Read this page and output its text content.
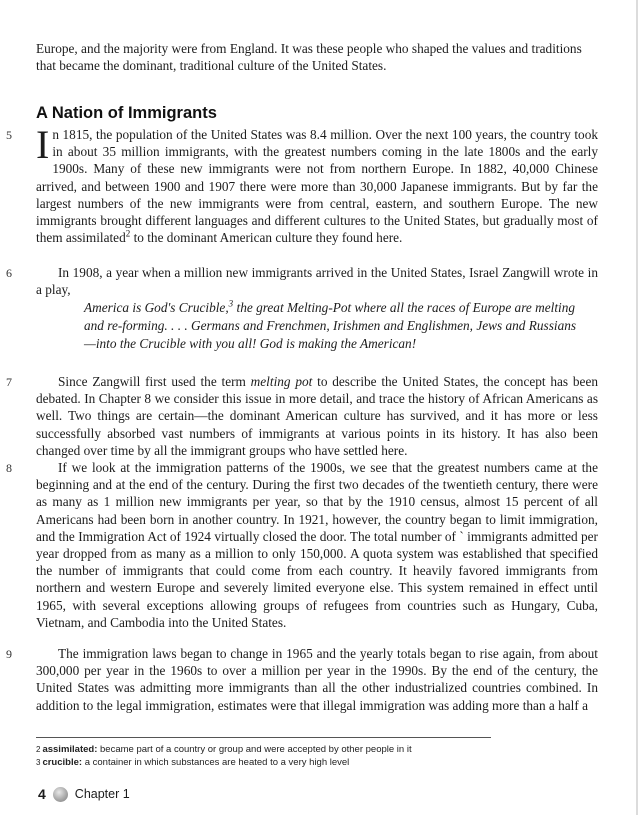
Europe, and the majority were from England. It was these people who shaped the values and traditions that became the dominant, traditional culture of the United States.

A Nation of Immigrants
5 In 1815, the population of the United States was 8.4 million. Over the next 100 years, the country took in about 35 million immigrants, with the greatest numbers coming in the late 1800s and the early 1900s. Many of these new immigrants were not from northern Europe. In 1882, 40,000 Chinese arrived, and between 1900 and 1907 there were more than 30,000 Japanese immigrants. But by far the largest numbers of the new immigrants were from central, eastern, and southern Europe. The new immigrants brought different languages and different cultures to the United States, but gradually most of them assimilated$^2$ to the dominant American culture they found here.

6	In 1908, a year when a million new immigrants arrived in the United States, Israel Zangwill wrote in a play,

America is God's Crucible,$^3$ the great Melting-Pot where all the races of Europe are melting and re-forming. . . . Germans and Frenchmen, Irishmen and Englishmen, Jews and Russians—into the Crucible with you all! God is making the American!

7	Since Zangwill first used the term melting pot to describe the United States, the concept has been debated. In Chapter 8 we consider this issue in more detail, and trace the history of African Americans as well. Two things are certain—the dominant American culture has survived, and it has more or less successfully absorbed vast numbers of immigrants at various points in its history. It has also been changed over time by all the immigrant groups who have settled here.

8	If we look at the immigration patterns of the 1900s, we see that the greatest numbers came at the beginning and at the end of the century. During the first two decades of the twentieth century, there were as many as 1 million new immigrants per year, so that by the 1910 census, almost 15 percent of all Americans had been born in another country. In 1921, however, the country began to limit immigration, and the Immigration Act of 1924 virtually closed the door. The total number of ` immigrants admitted per year dropped from as many as a million to only 150,000. A quota system was established that specified the number of immigrants that could come from each country. It heavily favored immigrants from northern and western Europe and severely limited everyone else. This system remained in effect until 1965, with several exceptions allowing groups of refugees from countries such as Hungary, Cuba, Vietnam, and Cambodia into the United States.

9	The immigration laws began to change in 1965 and the yearly totals began to rise again, from about 300,000 per year in the 1960s to over a million per year in the 1990s. By the end of the century, the United States was admitting more immigrants than all the other industrialized countries combined. In addition to the legal immigration, estimates were that illegal immigration was adding more than a half a

$^2$ assimilated: became part of a country or group and were accepted by other people in it
$^3$ crucible: a container in which substances are heated to a very high level
4 Chapter 1
